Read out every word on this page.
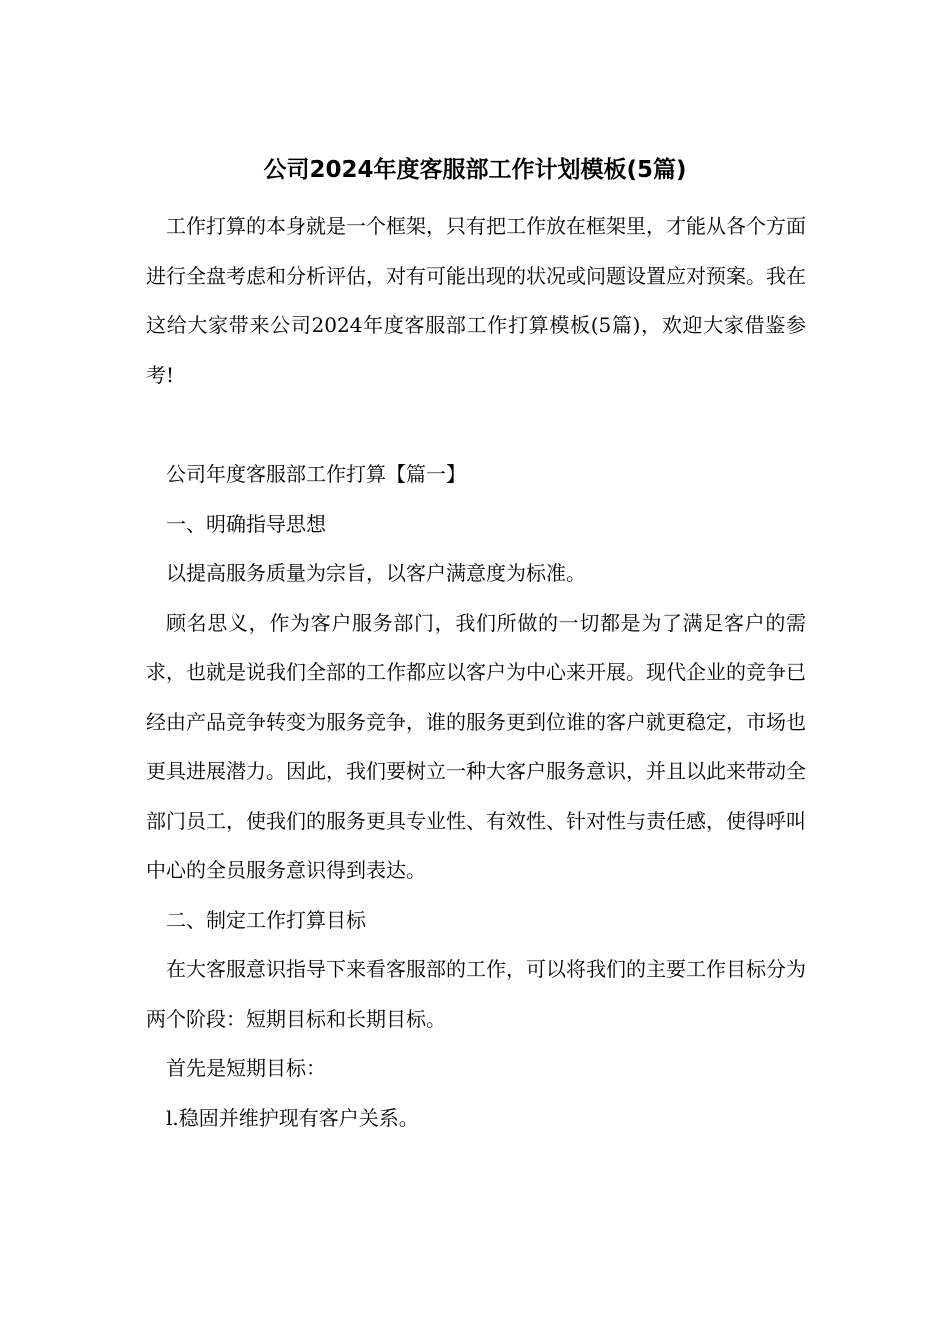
公司2024年度客服部工作计划模板(5篇)

工作打算的本身就是一个框架，只有把工作放在框架里，才能从各个方面进行全盘考虑和分析评估，对有可能出现的状况或问题设置应对预案。我在这给大家带来公司2024年度客服部工作打算模板(5篇)，欢迎大家借鉴参考!

公司年度客服部工作打算【篇一】

一、明确指导思想

以提高服务质量为宗旨，以客户满意度为标准。

顾名思义，作为客户服务部门，我们所做的一切都是为了满足客户的需求，也就是说我们全部的工作都应以客户为中心来开展。现代企业的竞争已经由产品竞争转变为服务竞争，谁的服务更到位谁的客户就更稳定，市场也更具进展潜力。因此，我们要树立一种大客户服务意识，并且以此来带动全部门员工，使我们的服务更具专业性、有效性、针对性与责任感，使得呼叫中心的全员服务意识得到表达。

二、制定工作打算目标

在大客服意识指导下来看客服部的工作，可以将我们的主要工作目标分为两个阶段：短期目标和长期目标。

首先是短期目标：

l.稳固并维护现有客户关系。
